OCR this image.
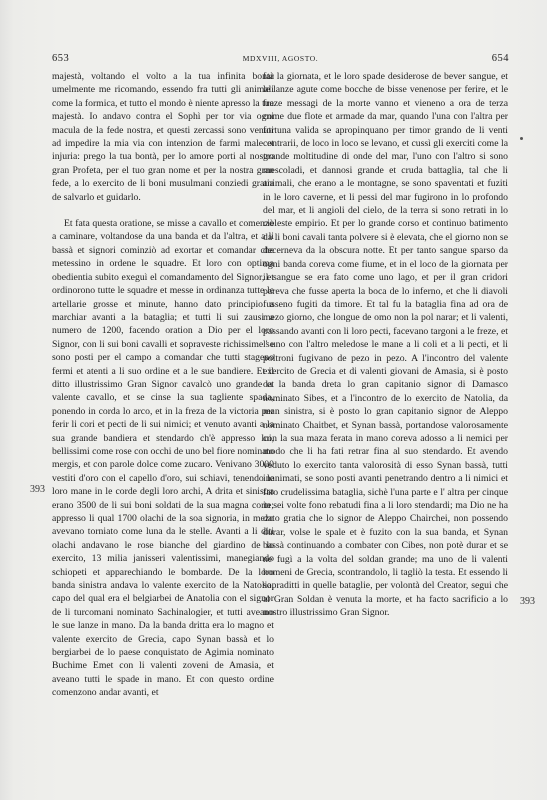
653	MDXVIII, AGOSTO.	654

majestà, voltando el volto a la tua infinita bontà umelmente me ricomando, essendo fra tutti gli animali come la formica, et tutto el mondo è niente apresso la tua majestà. Io andavo contra el Sophì per tor via ogni macula de la fede nostra, et questi zercassi sono venuti ad impedire la mia via con intenzion de farmi male et injuria: prego la tua bontà, per lo amore porti al nostro gran Profeta, per el tuo gran nome et per la nostra gran fede, a lo exercito de li boni musulmani conziedi gratia de salvarlo et guidarlo.

Et fata questa oratione, se misse a cavallo et comenzò a caminare, voltandose da una banda et da l'altra, et a li bassà et signori cominziò ad exortar et comandar che metessino in ordene le squadre. Et loro con optima obedientia subito exeguì el comandamento del Signor, et ordinorono tutte le squadre et messe in ordinanza tutte le artellarie grosse et minute, hanno dato principio a marchiar avanti a la bataglia; et tutti li sui zausi a numero de 1200, facendo oration a Dio per el loro Signor, con li sui boni cavalli et sopraveste richissime se sono posti per el campo a comandar che tutti stageno fermi et atenti a li suo ordine et a le sue bandiere. Et il ditto illustrissimo Gran Signor cavalcò uno grande et valente cavallo, et se cinse la sua tagliente spada, ponendo in corda lo arco, et in la freza de la victoria per ferir li cori et pecti de li sui nimici; et venuto avanti a la sua grande bandiera et stendardo ch'è appresso lui, bellissimi come rose con occhi de uno bel fiore nominato mergis, et con parole dolce come zucaro. Venivano 3000 vestiti d'oro con el capello d'oro, sui schiavi, tenendo le loro mane in le corde degli loro archi, A drita et sinistra erano 3500 de li sui boni soldati de la sua magna corte; appresso li qual 1700 olachi de la soa signoria, in mezo avevano torniato come luna da le stelle. Avanti a li diti olachi andavano le rose bianche del giardino de lo exercito, 13 milia janisseri valentissimi, manegiando schiopeti et apparechiando le bombarde. De la loro banda sinistra andava lo valente exercito de la Natolia, capo del qual era el belgiarbei de Anatolia con el signor de li turcomani nominato Sachinalogier, et tutti aveano le sue lanze in mano. Da la banda dritta era lo magno et valente exercito de Grecia, capo Synan bassà et lo bergiarbei de lo paese conquistato de Agimia nominato Buchime Emet con li valenti zoveni de Amasia, et aveano tutti le spade in mano. Et con questo ordine comenzono andar avanti, et

far la giornata, et le loro spade desiderose de bever sangue, et le lanze agute come bocche de bisse venenose per ferire, et le freze messagi de la morte vanno et vieneno a ora de terza come due flote et armade da mar, quando l'una con l'altra per fortuna valida se apropinquano per timor grando de li venti contrarii, de loco in loco se levano, et cussì gli exerciti come la grande moltitudine di onde del mar, l'uno con l'altro si sono mescoladi, et dannosi grande et cruda battaglia, tal che li animali, che erano a le montagne, se sono spaventati et fuziti in le loro caverne, et li pessi del mar fugirono in lo profondo del mar, et li angioli del cielo, de la terra si sono retrati in lo cieleste empirio. Et per lo grande corso et continuo batimento da li boni cavali tanta polvere si è elevata, che el giorno non se decerneva da la obscura notte. Et per tanto sangue sparso da ogni banda coreva come fiume, et in el loco de la giornata per il sangue se era fato come uno lago, et per il gran cridori pareva che fusse aperta la boca de lo inferno, et che li diavoli fusseno fugiti da timore. Et tal fu la bataglia fina ad ora de mezo giorno, che longue de omo non la pol narar; et li valenti, passando avanti con li loro pecti, facevano targoni a le freze, et l' uno con l'altro meledose le mane a li coli et a li pecti, et li poltroni fugivano de pezo in pezo. A l'incontro del valente exercito de Grecia et di valenti giovani de Amasia, si è posto da la banda dreta lo gran capitanio signor di Damasco nominato Sibes, et a l'incontro de lo exercito de Natolia, da man sinistra, si è posto lo gran capitanio signor de Aleppo nominato Chaitbet, et Synan bassà, portandose valorosamente con la sua maza ferata in mano coreva adosso a li nemici per modo che li ha fati retrar fina al suo stendardo. Et avendo veduto lo exercito tanta valorosità di esso Synan bassà, tutti inanimati, se sono posti avanti penetrando dentro a li nimici et fato crudelissima bataglia, sichè l'una parte e l' altra per cinque in sei volte fono rebatudi fina a li loro stendardi; ma Dio ne ha dato gratia che lo signor de Aleppo Chairchei, non possendo durar, volse le spale et è fuzito con la sua banda, et Synan bassà continuando a combater con Cibes, non potè durar et se ne fugì a la volta del soldan grande; ma uno de li valenti homeni de Grecia, scontrandolo, li tagliò la testa. Et essendo li sopraditti in quelle bataglie, per volontà del Creator, segui che al Gran Soldan è venuta la morte, et ha facto sacrificio a lo nostro illustrissimo Gran Signor.

393
393
